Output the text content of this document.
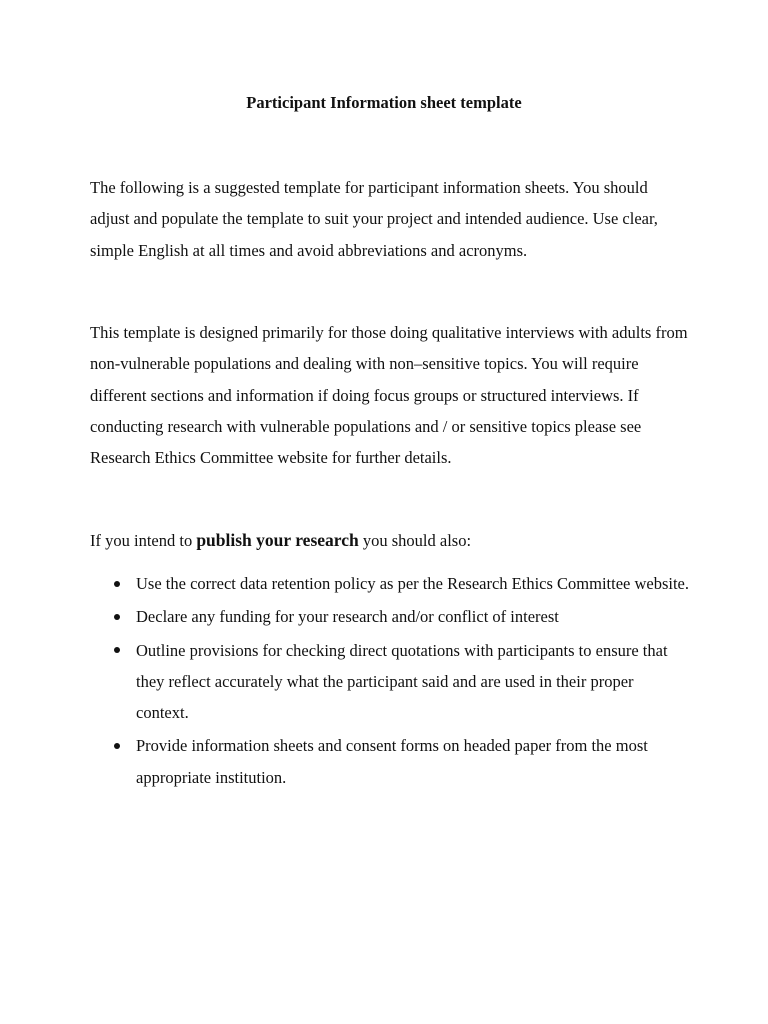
Participant Information sheet template

The following is a suggested template for participant information sheets. You should adjust and populate the template to suit your project and intended audience. Use clear, simple English at all times and avoid abbreviations and acronyms.

This template is designed primarily for those doing qualitative interviews with adults from non-vulnerable populations and dealing with non–sensitive topics. You will require different sections and information if doing focus groups or structured interviews. If conducting research with vulnerable populations and / or sensitive topics please see Research Ethics Committee website for further details.

If you intend to publish your research you should also:

Use the correct data retention policy as per the Research Ethics Committee website.
Declare any funding for your research and/or conflict of interest
Outline provisions for checking direct quotations with participants to ensure that they reflect accurately what the participant said and are used in their proper context.
Provide information sheets and consent forms on headed paper from the most appropriate institution.
